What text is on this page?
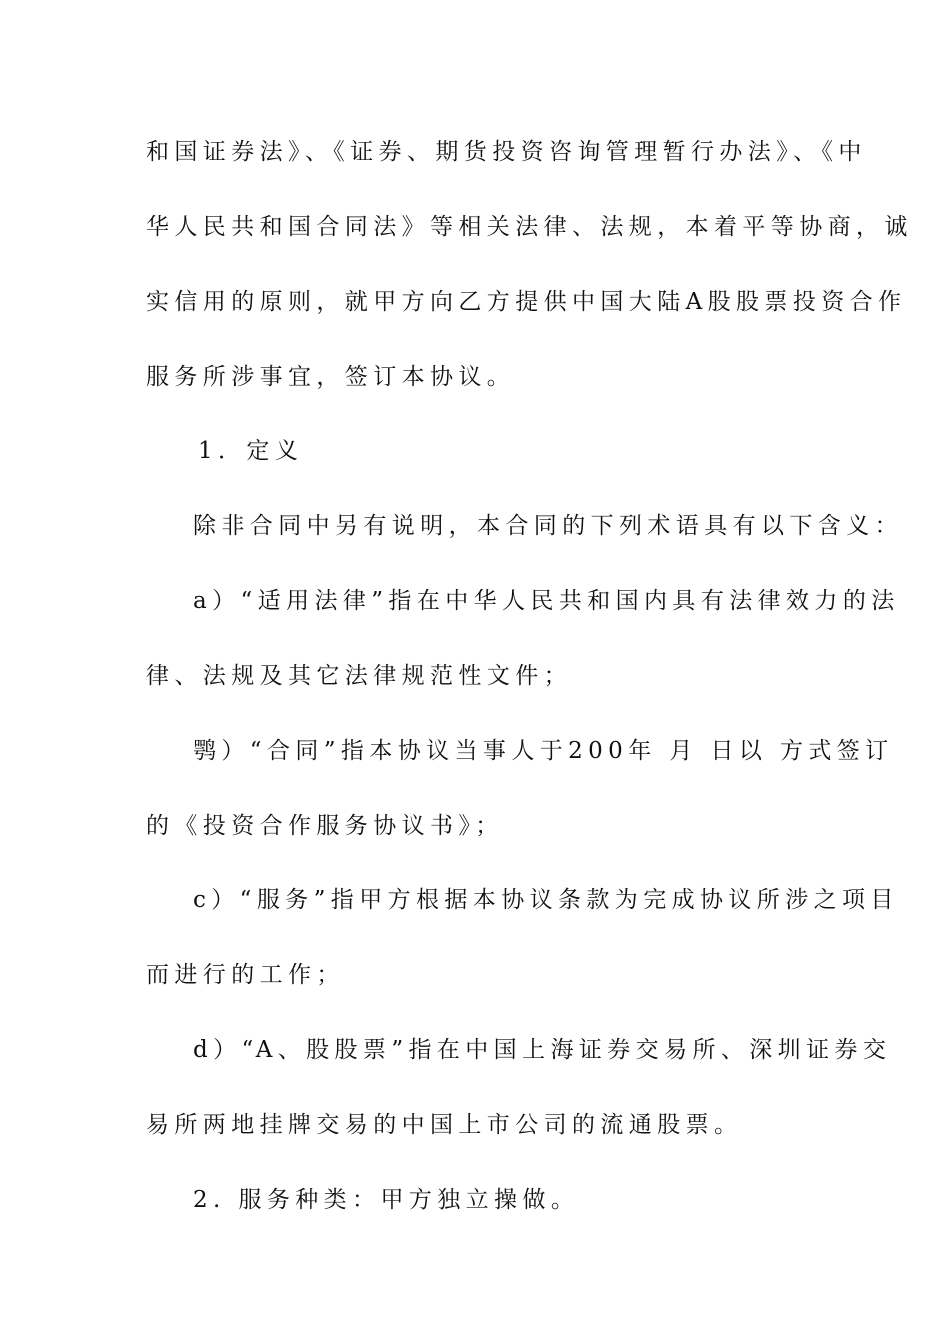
和国证券法》、《证券、期货投资咨询管理暂行办法》、《中
华人民共和国合同法》等相关法律、法规，本着平等协商，诚
实信用的原则，就甲方向乙方提供中国大陆A股股票投资合作
服务所涉事宜，签订本协议。
1．定义
除非合同中另有说明，本合同的下列术语具有以下含义：
a）“适用法律”指在中华人民共和国内具有法律效力的法
律、法规及其它法律规范性文件；
鹗）“合同”指本协议当事人于200年 月 日以 方式签订
的《投资合作服务协议书》；
c）“服务”指甲方根据本协议条款为完成协议所涉之项目
而进行的工作；
d）“A、股股票”指在中国上海证券交易所、深圳证券交
易所两地挂牌交易的中国上市公司的流通股票。
2. 服务种类：甲方独立操做。
